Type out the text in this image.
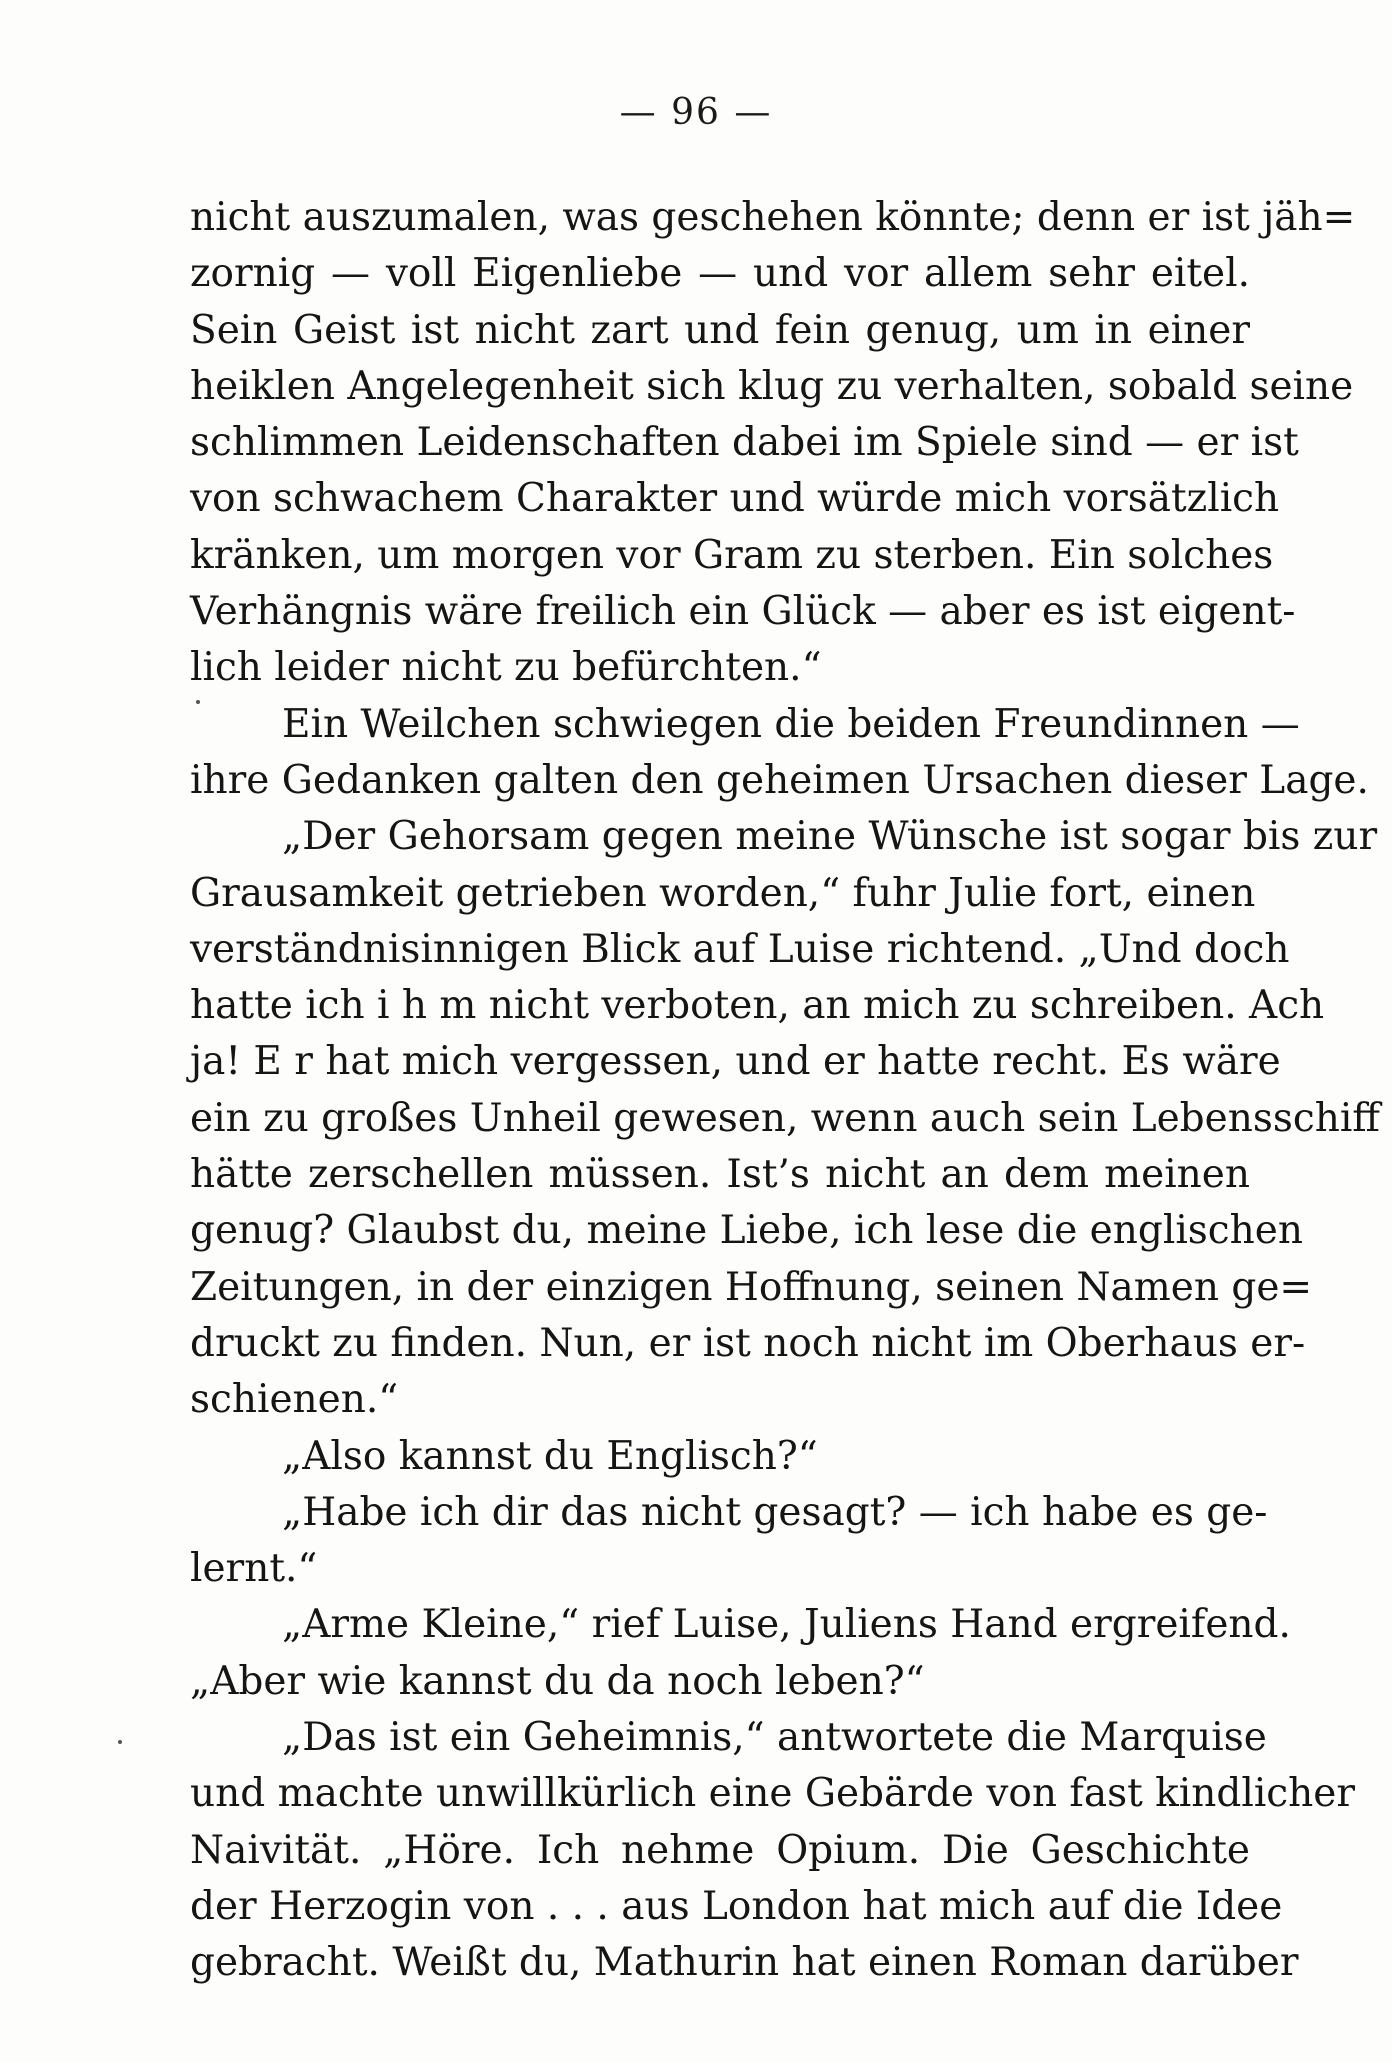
— 96 —
nicht auszumalen, was geschehen könnte; denn er ist jäh=
zornig — voll Eigenliebe — und vor allem sehr eitel.
Sein Geist ist nicht zart und fein genug, um in einer
heiklen Angelegenheit sich klug zu verhalten, sobald seine
schlimmen Leidenschaften dabei im Spiele sind — er ist
von schwachem Charakter und würde mich vorsätzlich
kränken, um morgen vor Gram zu sterben. Ein solches
Verhängnis wäre freilich ein Glück — aber es ist eigent-
lich leider nicht zu befürchten.“
Ein Weilchen schwiegen die beiden Freundinnen —
ihre Gedanken galten den geheimen Ursachen dieser Lage.
„Der Gehorsam gegen meine Wünsche ist sogar bis zur
Grausamkeit getrieben worden,“ fuhr Julie fort, einen
verständnisinnigen Blick auf Luise richtend. „Und doch
hatte ich i h m nicht verboten, an mich zu schreiben. Ach
ja! E r hat mich vergessen, und er hatte recht. Es wäre
ein zu großes Unheil gewesen, wenn auch sein Lebensschiff
hätte zerschellen müssen. Ist’s nicht an dem meinen
genug? Glaubst du, meine Liebe, ich lese die englischen
Zeitungen, in der einzigen Hoffnung, seinen Namen ge=
druckt zu finden. Nun, er ist noch nicht im Oberhaus er-
schienen.“
„Also kannst du Englisch?“
„Habe ich dir das nicht gesagt? — ich habe es ge-
lernt.“
„Arme Kleine,“ rief Luise, Juliens Hand ergreifend.
„Aber wie kannst du da noch leben?“
„Das ist ein Geheimnis,“ antwortete die Marquise
und machte unwillkürlich eine Gebärde von fast kindlicher
Naivität. „Höre. Ich nehme Opium. Die Geschichte
der Herzogin von . . . aus London hat mich auf die Idee
gebracht. Weißt du, Mathurin hat einen Roman darüber
